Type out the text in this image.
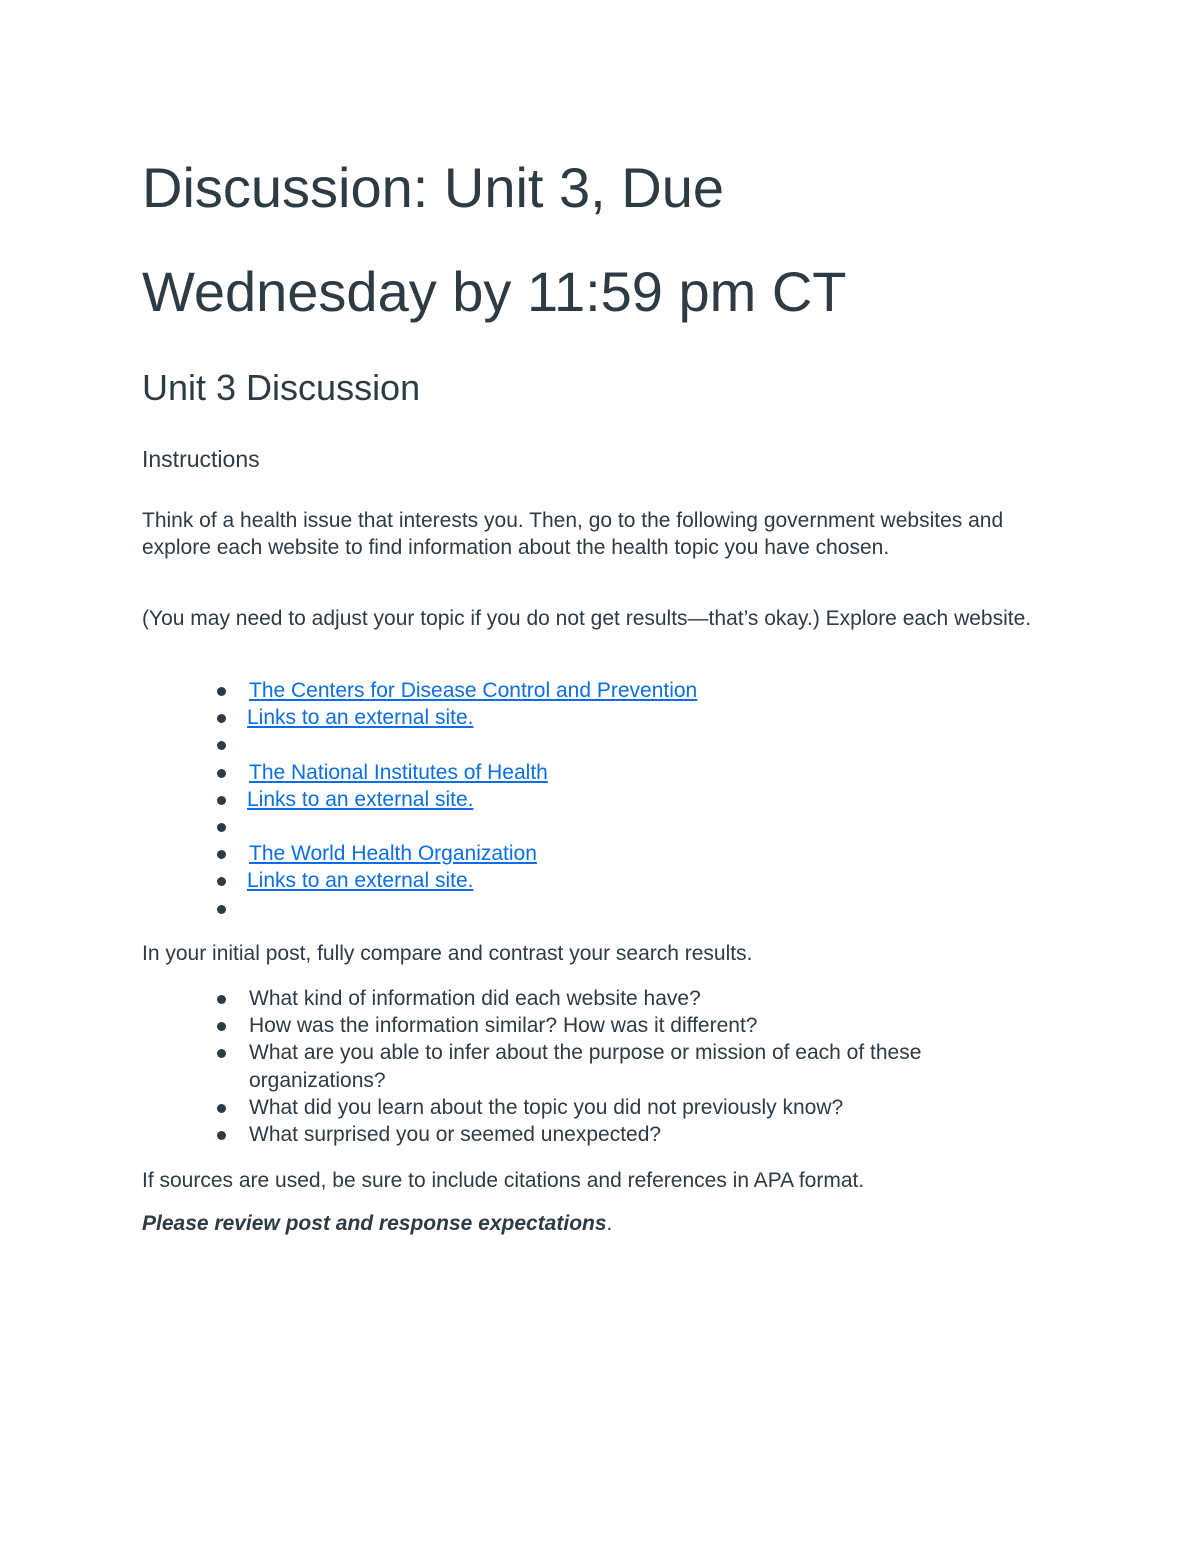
Discussion: Unit 3, Due
Wednesday by 11:59 pm CT
Unit 3 Discussion
Instructions

Think of a health issue that interests you. Then, go to the following government websites and explore each website to find information about the health topic you have chosen.

(You may need to adjust your topic if you do not get results—that’s okay.) Explore each website.

The Centers for Disease Control and Prevention
Links to an external site.
The National Institutes of Health
Links to an external site.
The World Health Organization
Links to an external site.

In your initial post, fully compare and contrast your search results.

What kind of information did each website have?
How was the information similar? How was it different?
What are you able to infer about the purpose or mission of each of these organizations?
What did you learn about the topic you did not previously know?
What surprised you or seemed unexpected?

If sources are used, be sure to include citations and references in APA format.

Please review post and response expectations.
